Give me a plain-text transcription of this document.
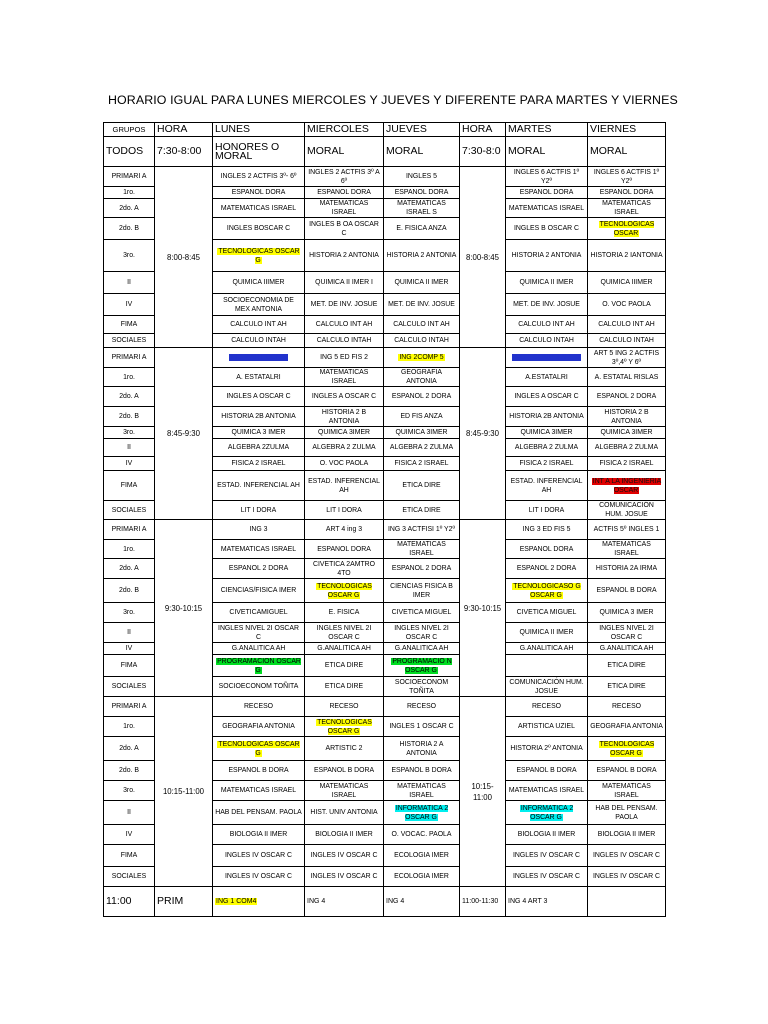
HORARIO IGUAL PARA LUNES MIERCOLES Y JUEVES Y DIFERENTE PARA MARTES Y VIERNES
GRUPOS	HORA	LUNES	MIERCOLES	JUEVES	HORA	MARTES	VIERNES
TODOS	7:30-8:00	HONORES O MORAL	MORAL	MORAL	7:30-8:0	MORAL	MORAL
PRIMARI A	8:00-8:45	INGLES 2 ACTFIS 3º- 6º	INGLES 2 ACTFIS 3º A 6º	INGLES 5	8:00-8:45	INGLES 6 ACTFIS 1º Y2º	INGLES 6 ACTFIS 1º Y2º
1ro.		ESPANOL DORA	ESPANOL DORA	ESPANOL DORA		ESPANOL DORA	ESPANOL DORA
2do. A		MATEMATICAS ISRAEL	MATEMATICAS ISRAEL	MATEMATICAS ISRAEL S		MATEMATICAS ISRAEL	MATEMATICAS ISRAEL
2do. B		INGLES BOSCAR C	INGLES B OA OSCAR C	E. FISICA ANZA		INGLES B OSCAR C	TECNOLOGICAS OSCAR
3ro.		TECNOLOGICAS OSCAR G	HISTORIA 2 ANTONIA	HISTORIA 2 ANTONIA		HISTORIA 2 ANTONIA	HISTORIA 2 IANTONIA
II		QUIMICA IIIMER	QUIMICA II IMER I	QUIMICA II IMER		QUIMICA II IMER	QUIMICA IIIMER
IV		SOCIOECONOMIA DE MEX ANTONIA	MET. DE INV. JOSUE	MET. DE INV. JOSUE		MET. DE INV. JOSUE	O. VOC PAOLA
FIMA		CALCULO INT AH	CALCULO INT AH	CALCULO INT AH		CALCULO INT AH	CALCULO INT AH
SOCIALES		CALCULO INTAH	CALCULO INTAH	CALCULO INTAH		CALCULO INTAH	CALCULO INTAH
PRIMARI A	8:45-9:30	ING 2 ART CON 3	ING 5 ED FIS 2	ING 2COMP 5	8:45-9:30	ING 1 COMP 3 ART 3	ART 5 ING 2 ACTFIS 3º,4º Y 6º
1ro.		A. ESTATALRI	MATEMATICAS ISRAEL	GEOGRAFIA ANTONIA		A.ESTATALRI	A. ESTATAL RISLAS
2do. A		INGLES A OSCAR C	INGLES A OSCAR C	ESPANOL 2 DORA		INGLES A OSCAR C	ESPANOL 2 DORA
2do. B		HISTORIA 2B ANTONIA	HISTORIA 2 B ANTONIA	ED FIS ANZA		HISTORIA 2B ANTONIA	HISTORIA 2 B ANTONIA
3ro.		QUIMICA 3 IMER	QUIMICA 3IMER	QUIMICA 3IMER		QUIMICA 3IMER	QUIMICA 3IMER
II		ALGEBRA 2ZULMA	ALGEBRA 2 ZULMA	ALGEBRA 2 ZULMA		ALGEBRA 2 ZULMA	ALGEBRA 2 ZULMA
IV		FISICA 2 ISRAEL	O. VOC PAOLA	FISICA 2 ISRAEL		FISICA 2 ISRAEL	FISICA 2 ISRAEL
FIMA		ESTAD. INFERENCIAL AH	ESTAD. INFERENCIAL AH	ETICA DIRE		ESTAD. INFERENCIAL AH	INT A LA INGENIERIA OSCAR
SOCIALES		LIT I DORA	LIT I DORA	ETICA DIRE		LIT I DORA	COMUNICACIÓN HUM. JOSUE
PRIMARI A	9:30-10:15	ING 3	ART 4 ing 3	ING 3 ACTFISI 1º Y2º	9:30-10:15	ING 3 ED FIS 5	ACTFIS 5º INGLES 1
1ro.		MATEMATICAS ISRAEL	ESPANOL DORA	MATEMATICAS ISRAEL		ESPANOL DORA	MATEMATICAS ISRAEL
2do. A		ESPANOL 2 DORA	CIVETICA 2AMTRO 4TO	ESPANOL 2 DORA		ESPANOL 2 DORA	HISTORIA 2A IRMA
2do. B		CIENCIAS/FISICA IMER	TECNOLOGICAS OSCAR G	CIENCIAS FISICA B IMER		TECNOLOGICASO G OSCAR G	ESPANOL B DORA
3ro.		CIVETICAMIGUEL	E. FISICA	CIVETICA MIGUEL		CIVETICA MIGUEL	QUIMICA 3 IMER
II		INGLES NIVEL 2I OSCAR C	INGLES NIVEL 2I OSCAR C	INGLES NIVEL 2I OSCAR C		QUIMICA II IMER	INGLES NIVEL 2I OSCAR C
IV		G.ANALITICA AH	G.ANALITICA AH	G.ANALITICA AH		G.ANALITICA AH	G.ANALITICA AH
FIMA		PROGRAMACION OSCAR G	ETICA DIRE	PROGRAMACIO N OSCAR G			ETICA DIRE
SOCIALES		SOCIOECONOM TOÑITA	ETICA DIRE	SOCIOECONOM TOÑITA		COMUNICACIÓN HUM. JOSUE	ETICA DIRE
PRIMARI A	10:15-11:00	RECESO	RECESO	RECESO	10:15-11:00	RECESO	RECESO
1ro.		GEOGRAFIA ANTONIA	TECNOLOGICAS OSCAR G	INGLES 1 OSCAR C		ARTISTICA UZIEL	GEOGRAFIA ANTONIA
2do. A		TECNOLOGICAS OSCAR G	ARTISTIC 2	HISTORIA 2 A ANTONIA		HISTORIA 2º ANTONIA	TECNOLOGICAS OSCAR G
2do. B		ESPANOL B DORA	ESPANOL B DORA	ESPANOL B DORA		ESPANOL B DORA	ESPANOL B DORA
3ro.		MATEMATICAS ISRAEL	MATEMATICAS ISRAEL	MATEMATICAS ISRAEL		MATEMATICAS ISRAEL	MATEMATICAS ISRAEL
II		HAB DEL PENSAM. PAOLA	HIST. UNIV ANTONIA	INFORMATICA 2 OSCAR G		INFORMATICA 2 OSCAR G	HAB DEL PENSAM. PAOLA
IV		BIOLOGIA II IMER	BIOLOGIA II IMER	O. VOCAC. PAOLA		BIOLOGIA II IMER	BIOLOGIA II IMER
FIMA		INGLES IV OSCAR C	INGLES IV OSCAR C	ECOLOGIA IMER		INGLES IV OSCAR C	INGLES IV OSCAR C
SOCIALES		INGLES IV OSCAR C	INGLES IV OSCAR C	ECOLOGIA IMER		INGLES IV OSCAR C	INGLES IV OSCAR C
11:00	PRIM	ING 1 COM4	ING 4	ING 4	11:00-11:30	ING 4 ART 3	
